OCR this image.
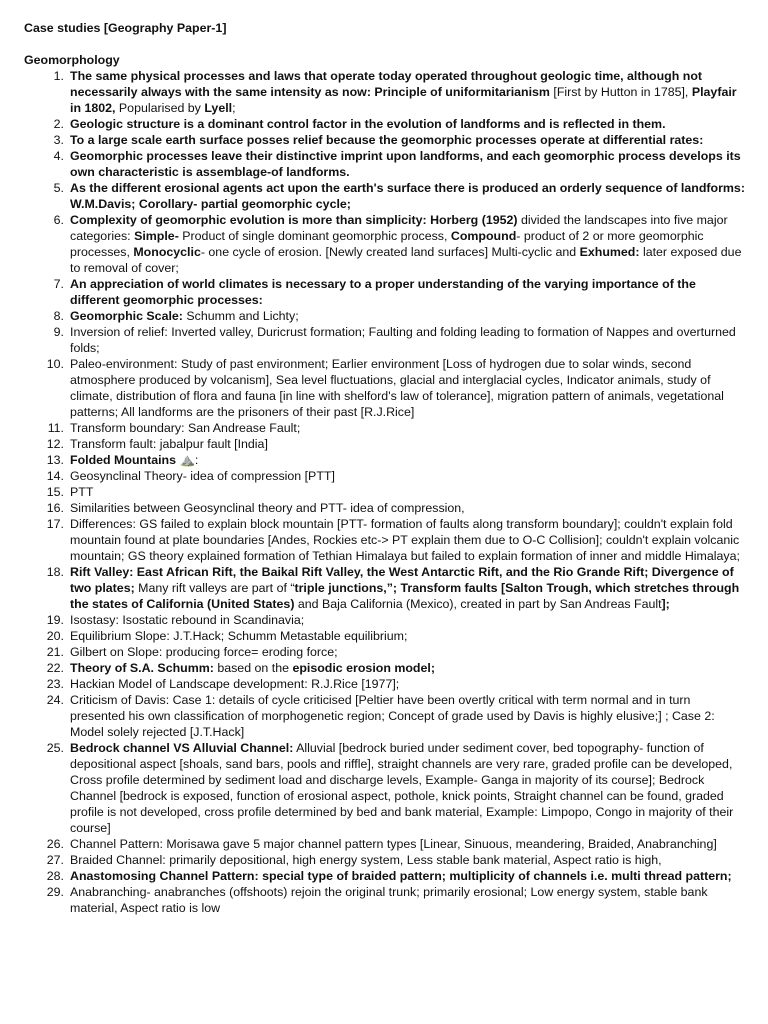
Case studies [Geography Paper-1]
Geomorphology
1. The same physical processes and laws that operate today operated throughout geologic time, although not necessarily always with the same intensity as now: Principle of uniformitarianism [First by Hutton in 1785], Playfair in 1802, Popularised by Lyell;
2. Geologic structure is a dominant control factor in the evolution of landforms and is reflected in them.
3. To a large scale earth surface posses relief because the geomorphic processes operate at differential rates:
4. Geomorphic processes leave their distinctive imprint upon landforms, and each geomorphic process develops its own characteristic is assemblage-of landforms.
5. As the different erosional agents act upon the earth's surface there is produced an orderly sequence of landforms: W.M.Davis; Corollary- partial geomorphic cycle;
6. Complexity of geomorphic evolution is more than simplicity: Horberg (1952) divided the landscapes into five major categories: Simple- Product of single dominant geomorphic process, Compound- product of 2 or more geomorphic processes, Monocyclic- one cycle of erosion. [Newly created land surfaces] Multi-cyclic and Exhumed: later exposed due to removal of cover;
7. An appreciation of world climates is necessary to a proper understanding of the varying importance of the different geomorphic processes:
8. Geomorphic Scale: Schumm and Lichty;
9. Inversion of relief: Inverted valley, Duricrust formation; Faulting and folding leading to formation of Nappes and overturned folds;
10. Paleo-environment: Study of past environment; Earlier environment [Loss of hydrogen due to solar winds, second atmosphere produced by volcanism], Sea level fluctuations, glacial and interglacial cycles, Indicator animals, study of climate, distribution of flora and fauna [in line with shelford's law of tolerance], migration pattern of animals, vegetational patterns; All landforms are the prisoners of their past [R.J.Rice]
11. Transform boundary: San Andrease Fault;
12. Transform fault: jabalpur fault [India]
13. Folded Mountains ⛰️:
14. Geosynclinal Theory- idea of compression [PTT]
15. PTT
16. Similarities between Geosynclinal theory and PTT- idea of compression,
17. Differences: GS failed to explain block mountain [PTT- formation of faults along transform boundary]; couldn't explain fold mountain found at plate boundaries [Andes, Rockies etc-> PT explain them due to O-C Collision]; couldn't explain volcanic mountain; GS theory explained formation of Tethian Himalaya but failed to explain formation of inner and middle Himalaya;
18. Rift Valley: East African Rift, the Baikal Rift Valley, the West Antarctic Rift, and the Rio Grande Rift; Divergence of two plates; Many rift valleys are part of “triple junctions,”; Transform faults [Salton Trough, which stretches through the states of California (United States) and Baja California (Mexico), created in part by San Andreas Fault];
19. Isostasy: Isostatic rebound in Scandinavia;
20. Equilibrium Slope: J.T.Hack; Schumm Metastable equilibrium;
21. Gilbert on Slope: producing force= eroding force;
22. Theory of S.A. Schumm: based on the episodic erosion model;
23. Hackian Model of Landscape development: R.J.Rice [1977];
24. Criticism of Davis: Case 1: details of cycle criticised [Peltier have been overtly critical with term normal and in turn presented his own classification of morphogenetic region; Concept of grade used by Davis is highly elusive;] ; Case 2: Model solely rejected [J.T.Hack]
25. Bedrock channel VS Alluvial Channel: Alluvial [bedrock buried under sediment cover, bed topography- function of depositional aspect [shoals, sand bars, pools and riffle], straight channels are very rare, graded profile can be developed, Cross profile determined by sediment load and discharge levels, Example- Ganga in majority of its course]; Bedrock Channel [bedrock is exposed, function of erosional aspect, pothole, knick points, Straight channel can be found, graded profile is not developed, cross profile determined by bed and bank material, Example: Limpopo, Congo in majority of their course]
26. Channel Pattern: Morisawa gave 5 major channel pattern types [Linear, Sinuous, meandering, Braided, Anabranching]
27. Braided Channel: primarily depositional, high energy system, Less stable bank material, Aspect ratio is high,
28. Anastomosing Channel Pattern: special type of braided pattern; multiplicity of channels i.e. multi thread pattern;
29. Anabranching- anabranches (offshoots) rejoin the original trunk; primarily erosional; Low energy system, stable bank material, Aspect ratio is low
